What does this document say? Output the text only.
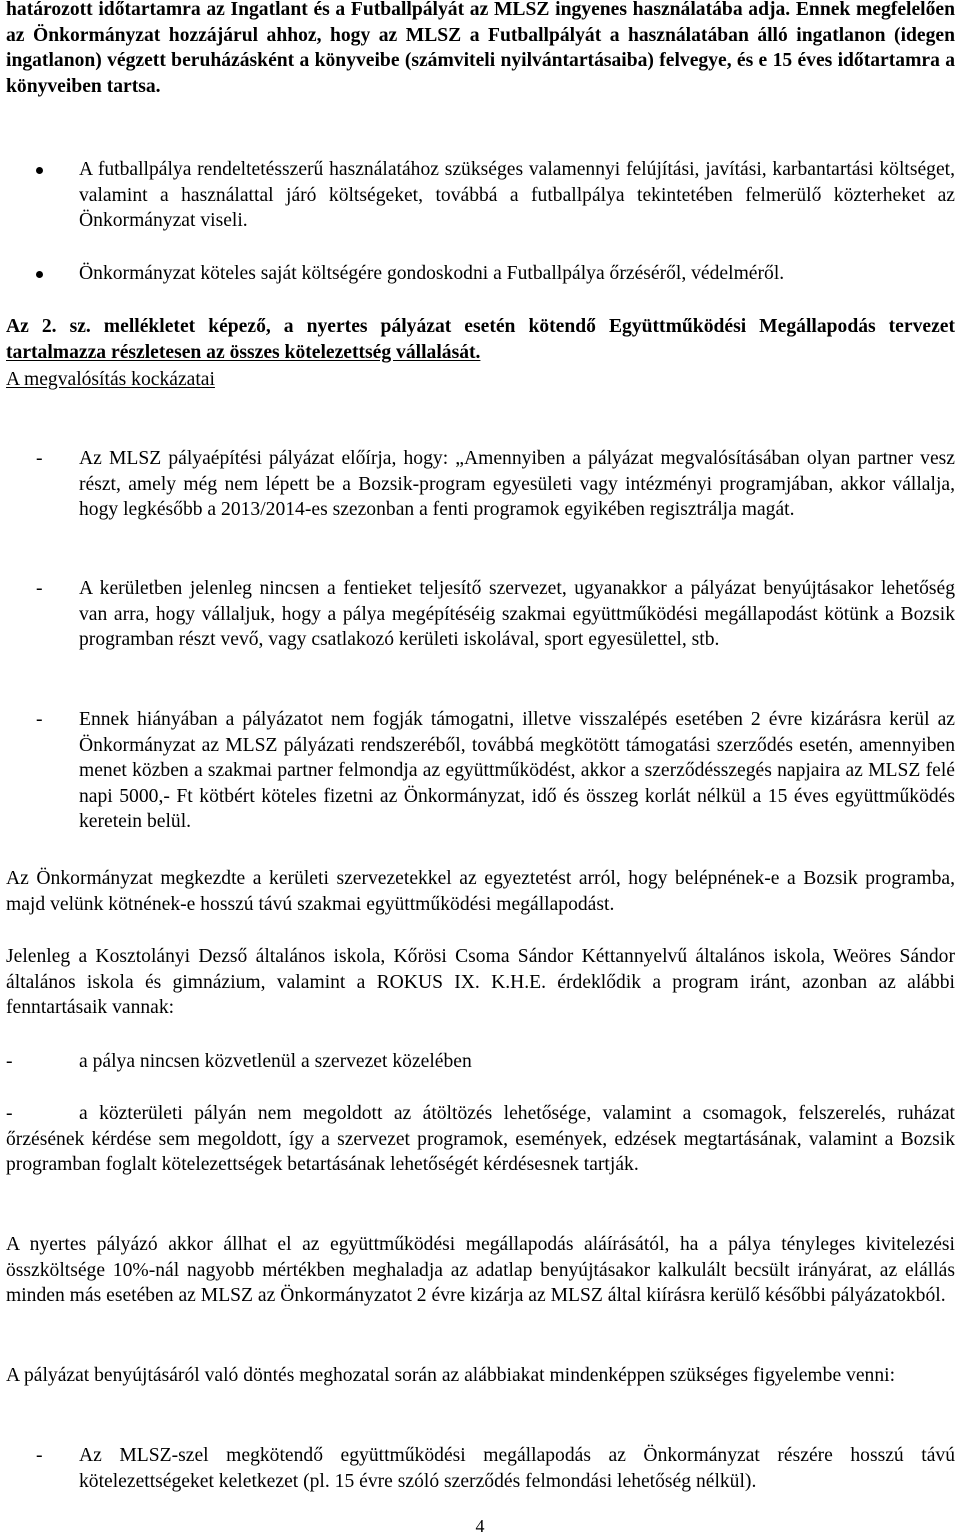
határozott időtartamra az Ingatlant és a Futballpályát az MLSZ ingyenes használatába adja. Ennek megfelelően az Önkormányzat hozzájárul ahhoz, hogy az MLSZ a Futballpályát a használatában álló ingatlanon (idegen ingatlanon) végzett beruházásként a könyveibe (számviteli nyilvántartásaiba) felvegye, és e 15 éves időtartamra a könyveiben tartsa.

A futballpálya rendeltetésszerű használatához szükséges valamennyi felújítási, javítási, karbantartási költséget, valamint a használattal járó költségeket, továbbá a futballpálya tekintetében felmerülő közterheket az Önkormányzat viseli.

Önkormányzat köteles saját költségére gondoskodni a Futballpálya őrzéséről, védelméről.

Az 2. sz. mellékletet képező, a nyertes pályázat esetén kötendő Együttműködési Megállapodás tervezet tartalmazza részletesen az összes kötelezettség vállalását.

A megvalósítás kockázatai

- Az MLSZ pályaépítési pályázat előírja, hogy: „Amennyiben a pályázat megvalósításában olyan partner vesz részt, amely még nem lépett be a Bozsik-program egyesületi vagy intézményi programjában, akkor vállalja, hogy legkésőbb a 2013/2014-es szezonban a fenti programok egyikében regisztrálja magát.

- A kerületben jelenleg nincsen a fentieket teljesítő szervezet, ugyanakkor a pályázat benyújtásakor lehetőség van arra, hogy vállaljuk, hogy a pálya megépítéséig szakmai együttműködési megállapodást kötünk a Bozsik programban részt vevő, vagy csatlakozó kerületi iskolával, sport egyesülettel, stb.

- Ennek hiányában a pályázatot nem fogják támogatni, illetve visszalépés esetében 2 évre kizárásra kerül az Önkormányzat az MLSZ pályázati rendszeréből, továbbá megkötött támogatási szerződés esetén, amennyiben menet közben a szakmai partner felmondja az együttműködést, akkor a szerződésszegés napjaira az MLSZ felé napi 5000,- Ft kötbért köteles fizetni az Önkormányzat, idő és összeg korlát nélkül a 15 éves együttműködés keretein belül.

Az Önkormányzat megkezdte a kerületi szervezetekkel az egyeztetést arról, hogy belépnének-e a Bozsik programba, majd velünk kötnének-e hosszú távú szakmai együttműködési megállapodást.

Jelenleg a Kosztolányi Dezső általános iskola, Kőrösi Csoma Sándor Kéttannyelvű általános iskola, Weöres Sándor általános iskola és gimnázium, valamint a ROKUS IX. K.H.E. érdeklődik a program iránt, azonban az alábbi fenntartásaik vannak:

-	a pálya nincsen közvetlenül a szervezet közelében

-	a közterületi pályán nem megoldott az átöltözés lehetősége, valamint a csomagok, felszerelés, ruházat őrzésének kérdése sem megoldott, így a szervezet programok, események, edzések megtartásának, valamint a Bozsik programban foglalt kötelezettségek betartásának lehetőségét kérdésesnek tartják.

A nyertes pályázó akkor állhat el az együttműködési megállapodás aláírásától, ha a pálya tényleges kivitelezési összköltsége 10%-nál nagyobb mértékben meghaladja az adatlap benyújtásakor kalkulált becsült irányárat, az elállás minden más esetében az MLSZ az Önkormányzatot 2 évre kizárja az MLSZ által kiírásra kerülő későbbi pályázatokból.

A pályázat benyújtásáról való döntés meghozatal során az alábbiakat mindenképpen szükséges figyelembe venni:

- Az MLSZ-szel megkötendő együttműködési megállapodás az Önkormányzat részére hosszú távú kötelezettségeket keletkezet (pl. 15 évre szóló szerződés felmondási lehetőség nélkül).

4
